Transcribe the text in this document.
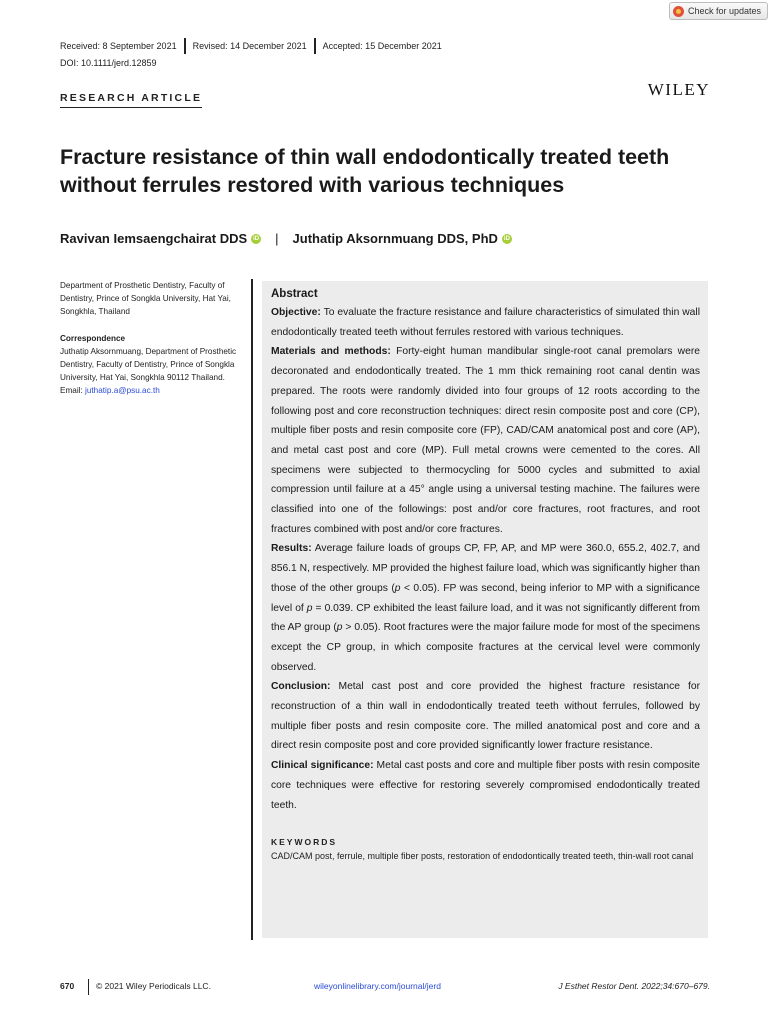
Check for updates
Received: 8 September 2021 Revised: 14 December 2021 Accepted: 15 December 2021
DOI: 10.1111/jerd.12859
RESEARCH ARTICLE	WILEY
Fracture resistance of thin wall endodontically treated teeth without ferrules restored with various techniques
Ravivan Iemsaengchairat DDS	iD | Juthatip Aksornmuang DDS, PhD	iD

Department of Prosthetic Dentistry, Faculty of Dentistry, Prince of Songkla University, Hat Yai, Songkhla, Thailand

Correspondence

Juthatip Aksornmuang, Department of Prosthetic Dentistry, Faculty of Dentistry, Prince of Songkla University, Hat Yai, Songkhla 90112 Thailand.

Email: juthatip.a@psu.ac.th

Abstract
Objective: To evaluate the fracture resistance and failure characteristics of simulated thin wall endodontically treated teeth without ferrules restored with various techniques.
Materials and methods: Forty-eight human mandibular single-root canal premolars were decoronated and endodontically treated. The 1 mm thick remaining root canal dentin was prepared. The roots were randomly divided into four groups of 12 roots according to the following post and core reconstruction techniques: direct resin composite post and core (CP), multiple fiber posts and resin composite core (FP), CAD/CAM anatomical post and core (AP), and metal cast post and core (MP). Full metal crowns were cemented to the cores. All specimens were subjected to thermocycling for 5000 cycles and submitted to axial compression until failure at a 45° angle using a universal testing machine. The failures were classified into one of the followings: post and/or core fractures, root fractures, and root fractures combined with post and/or core fractures.
Results: Average failure loads of groups CP, FP, AP, and MP were 360.0, 655.2, 402.7, and 856.1 N, respectively. MP provided the highest failure load, which was significantly higher than those of the other groups (p < 0.05). FP was second, being inferior to MP with a significance level of p = 0.039. CP exhibited the least failure load, and it was not significantly different from the AP group (p > 0.05). Root fractures were the major failure mode for most of the specimens except the CP group, in which composite fractures at the cervical level were commonly observed.
Conclusion: Metal cast post and core provided the highest fracture resistance for reconstruction of a thin wall in endodontically treated teeth without ferrules, followed by multiple fiber posts and resin composite core. The milled anatomical post and core and a direct resin composite post and core provided significantly lower fracture resistance.
Clinical significance: Metal cast posts and core and multiple fiber posts with resin composite core techniques were effective for restoring severely compromised endodontically treated teeth.
KEYWORDS
CAD/CAM post, ferrule, multiple fiber posts, restoration of endodontically treated teeth, thin-wall root canal
670	© 2021 Wiley Periodicals LLC.	wileyonlinelibrary.com/journal/jerd	J Esthet Restor Dent. 2022;34:670–679.
